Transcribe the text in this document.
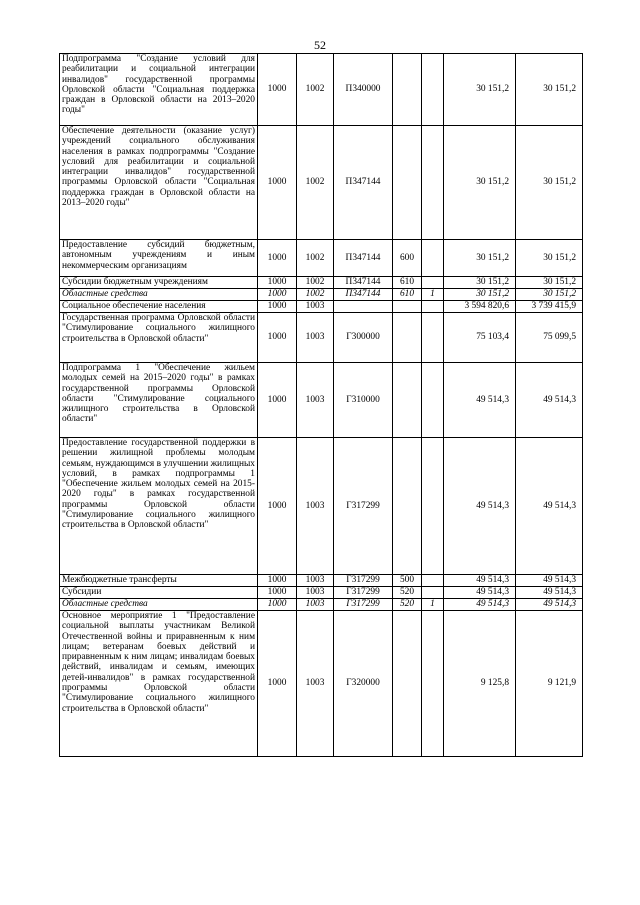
52
Подпрограмма "Создание условий для реабилитации и социальной интеграции инвалидов" государственной программы Орловской области "Социальная поддержка граждан в Орловской области на 2013–2020 годы"	1000	1002	П340000			30 151,2	30 151,2
Обеспечение деятельности (оказание услуг) учреждений социального обслуживания населения в рамках подпрограммы "Создание условий для реабилитации и социальной интеграции инвалидов" государственной программы Орловской области "Социальная поддержка граждан в Орловской области на 2013–2020 годы"	1000	1002	П347144			30 151,2	30 151,2
Предоставление субсидий бюджетным, автономным учреждениям и иным некоммерческим организациям	1000	1002	П347144	600		30 151,2	30 151,2
Субсидии бюджетным учреждениям	1000	1002	П347144	610		30 151,2	30 151,2
Областные средства	1000	1002	П347144	610	1	30 151,2	30 151,2
Социальное обеспечение населения	1000	1003				3 594 820,6	3 739 415,9
Государственная программа Орловской области "Стимулирование социального жилищного строительства в Орловской области"	1000	1003	Г300000			75 103,4	75 099,5
Подпрограмма 1 "Обеспечение жильем молодых семей на 2015–2020 годы" в рамках государственной программы Орловской области "Стимулирование социального жилищного строительства в Орловской области"	1000	1003	Г310000			49 514,3	49 514,3
Предоставление государственной поддержки в решении жилищной проблемы молодым семьям, нуждающимся в улучшении жилищных условий, в рамках подпрограммы 1 "Обеспечение жильем молодых семей на 2015-2020 годы" в рамках государственной программы Орловской области "Стимулирование социального жилищного строительства в Орловской области"	1000	1003	Г317299			49 514,3	49 514,3
Межбюджетные трансферты	1000	1003	Г317299	500		49 514,3	49 514,3
Субсидии	1000	1003	Г317299	520		49 514,3	49 514,3
Областные средства	1000	1003	Г317299	520	1	49 514,3	49 514,3
Основное мероприятие 1 "Предоставление социальной выплаты участникам Великой Отечественной войны и приравненным к ним лицам; ветеранам боевых действий и приравненным к ним лицам; инвалидам боевых действий, инвалидам и семьям, имеющих детей-инвалидов" в рамках государственной программы Орловской области "Стимулирование социального жилищного строительства в Орловской области"	1000	1003	Г320000			9 125,8	9 121,9
